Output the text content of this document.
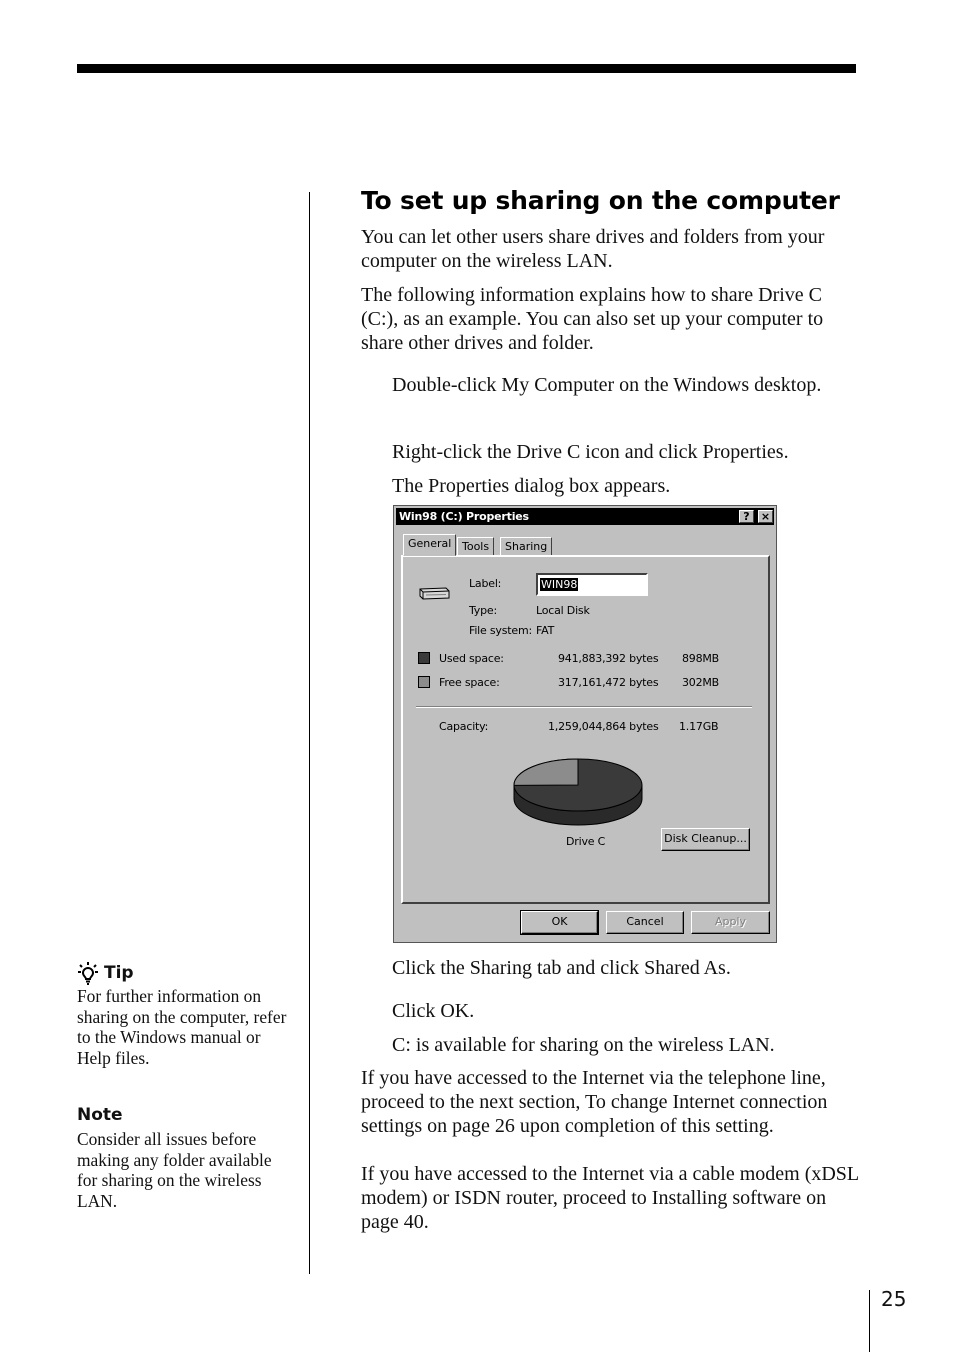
To set up sharing on the computer

You can let other users share drives and folders from your computer on the wireless LAN.

The following information explains how to share Drive C (C:), as an example. You can also set up your computer to share other drives and folder.

Double-click My Computer on the Windows desktop.

Right-click the Drive C icon and click Properties.

The Properties dialog box appears.

Win98 (C:) Properties	?	×
General Tools	Sharing
Label:	WIN98
Type:	Local Disk
File system: FAT
Used space:	941,883,392 bytes 898MB
Free space:	317,161,472 bytes 302MB
Capacity:	1,259,044,864 bytes 1.17GB
Drive C	Disk Cleanup...
OK	Cancel	Apply

Click the Sharing tab and click Shared As.

Click OK.

C: is available for sharing on the wireless LAN.

If you have accessed to the Internet via the telephone line, proceed to the next section, To change Internet connection settings on page 26 upon completion of this setting.

If you have accessed to the Internet via a cable modem (xDSL modem) or ISDN router, proceed to Installing software on page 40.

Tip

For further information on sharing on the computer, refer to the Windows manual or Help files.

Note

Consider all issues before making any folder available for sharing on the wireless LAN.

25
